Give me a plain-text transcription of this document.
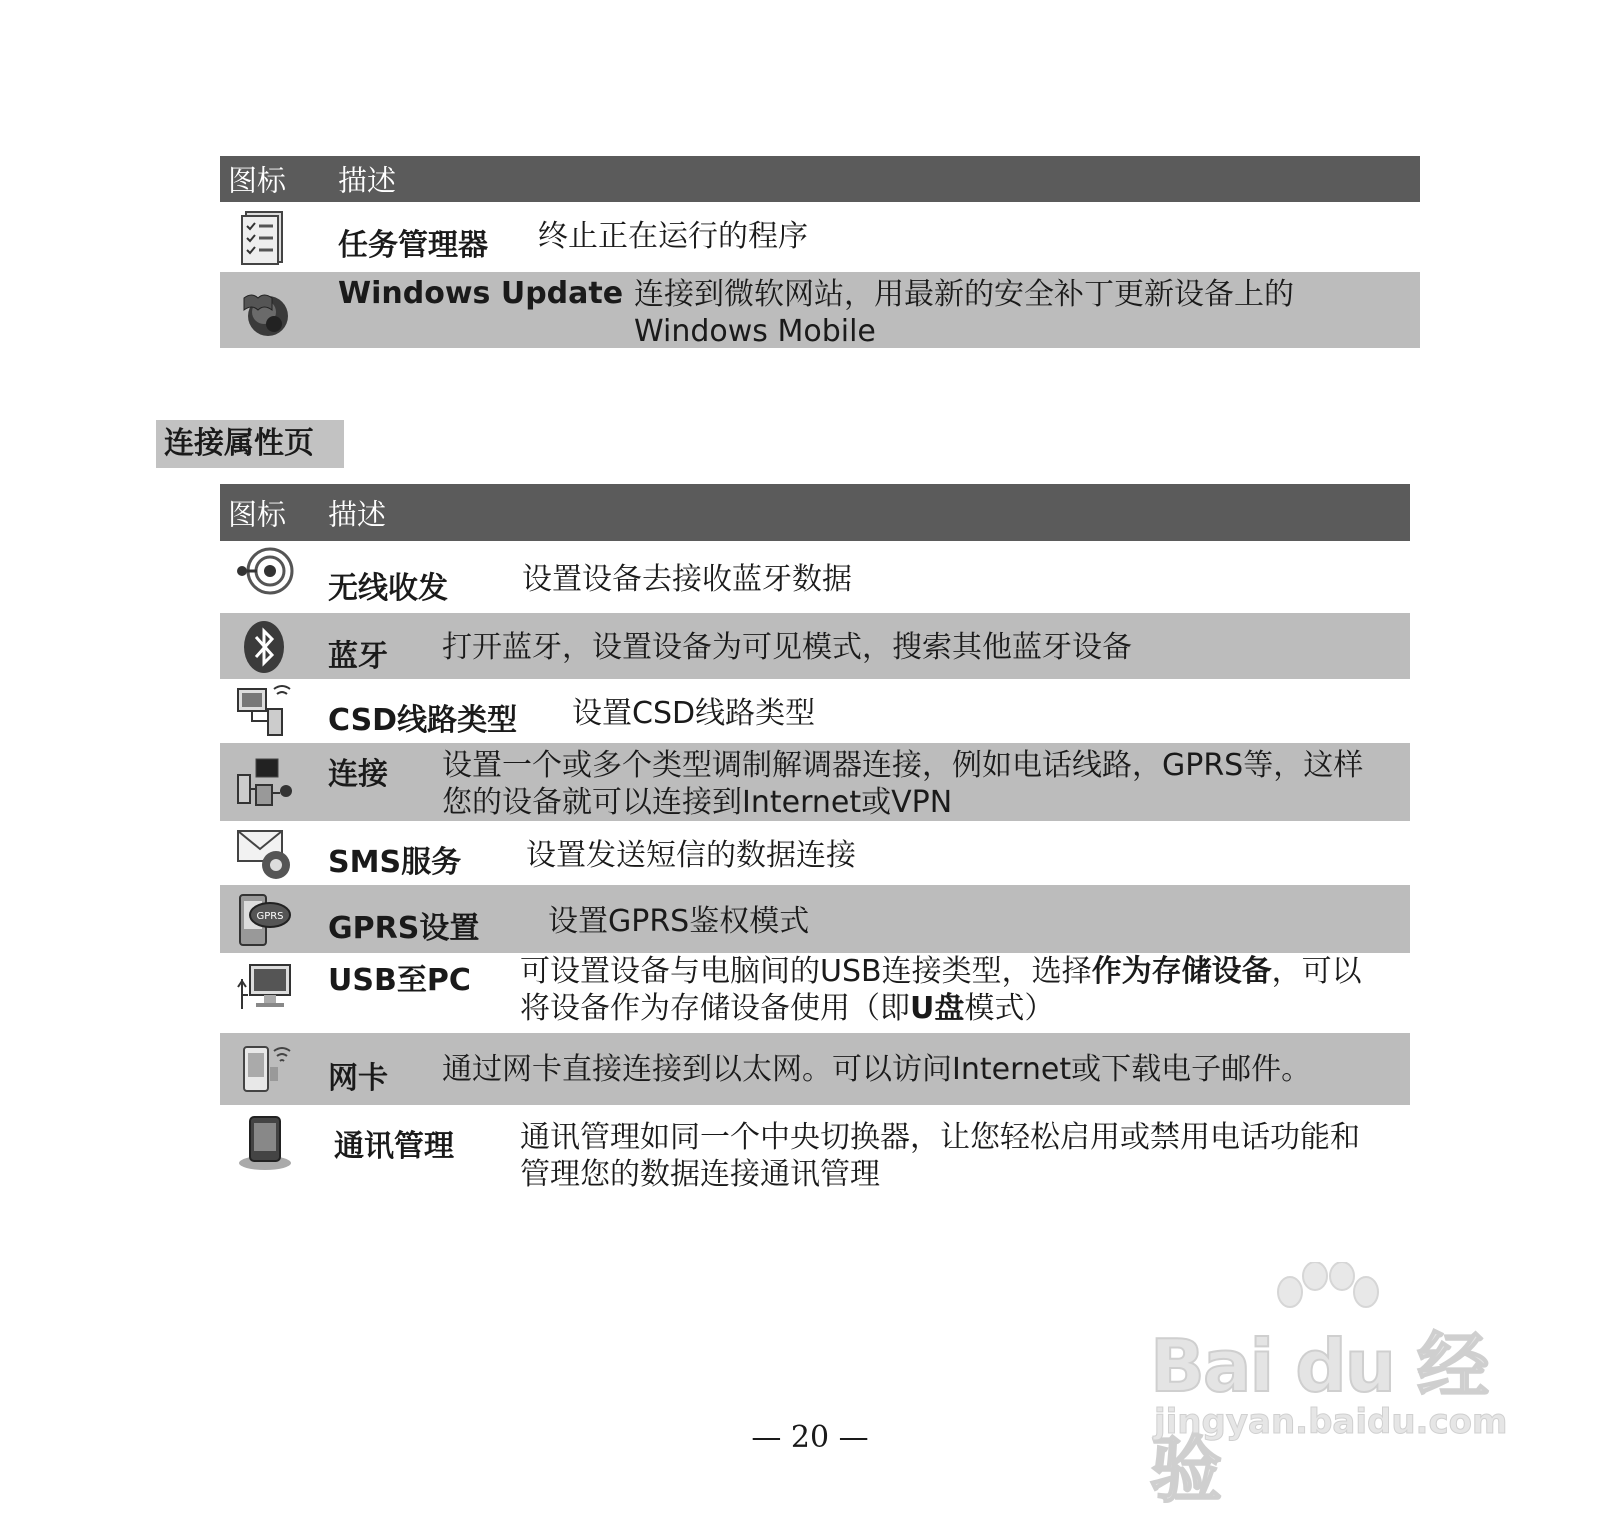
图标 描述
任务管理器 终止正在运行的程序
Windows Update 连接到微软网站，用最新的安全补丁更新设备上的 Windows Mobile
连接属性页
图标 描述
无线收发 设置设备去接收蓝牙数据
蓝牙 打开蓝牙，设置设备为可见模式，搜索其他蓝牙设备
CSD线路类型 设置CSD线路类型
连接 设置一个或多个类型调制解调器连接，例如电话线路，GPRS等，这样您的设备就可以连接到Internet或VPN
SMS服务 设置发送短信的数据连接
GPRS GPRS设置 设置GPRS鉴权模式
USB至PC 可设置设备与电脑间的USB连接类型，选择作为存储设备，可以将设备作为存储设备使用（即U盘模式）
网卡 通过网卡直接连接到以太网。可以访问Internet或下载电子邮件。
通讯管理 通讯管理如同一个中央切换器，让您轻松启用或禁用电话功能和管理您的数据连接通讯管理
Bai du 经验
jingyan.baidu.com
— 20 —
